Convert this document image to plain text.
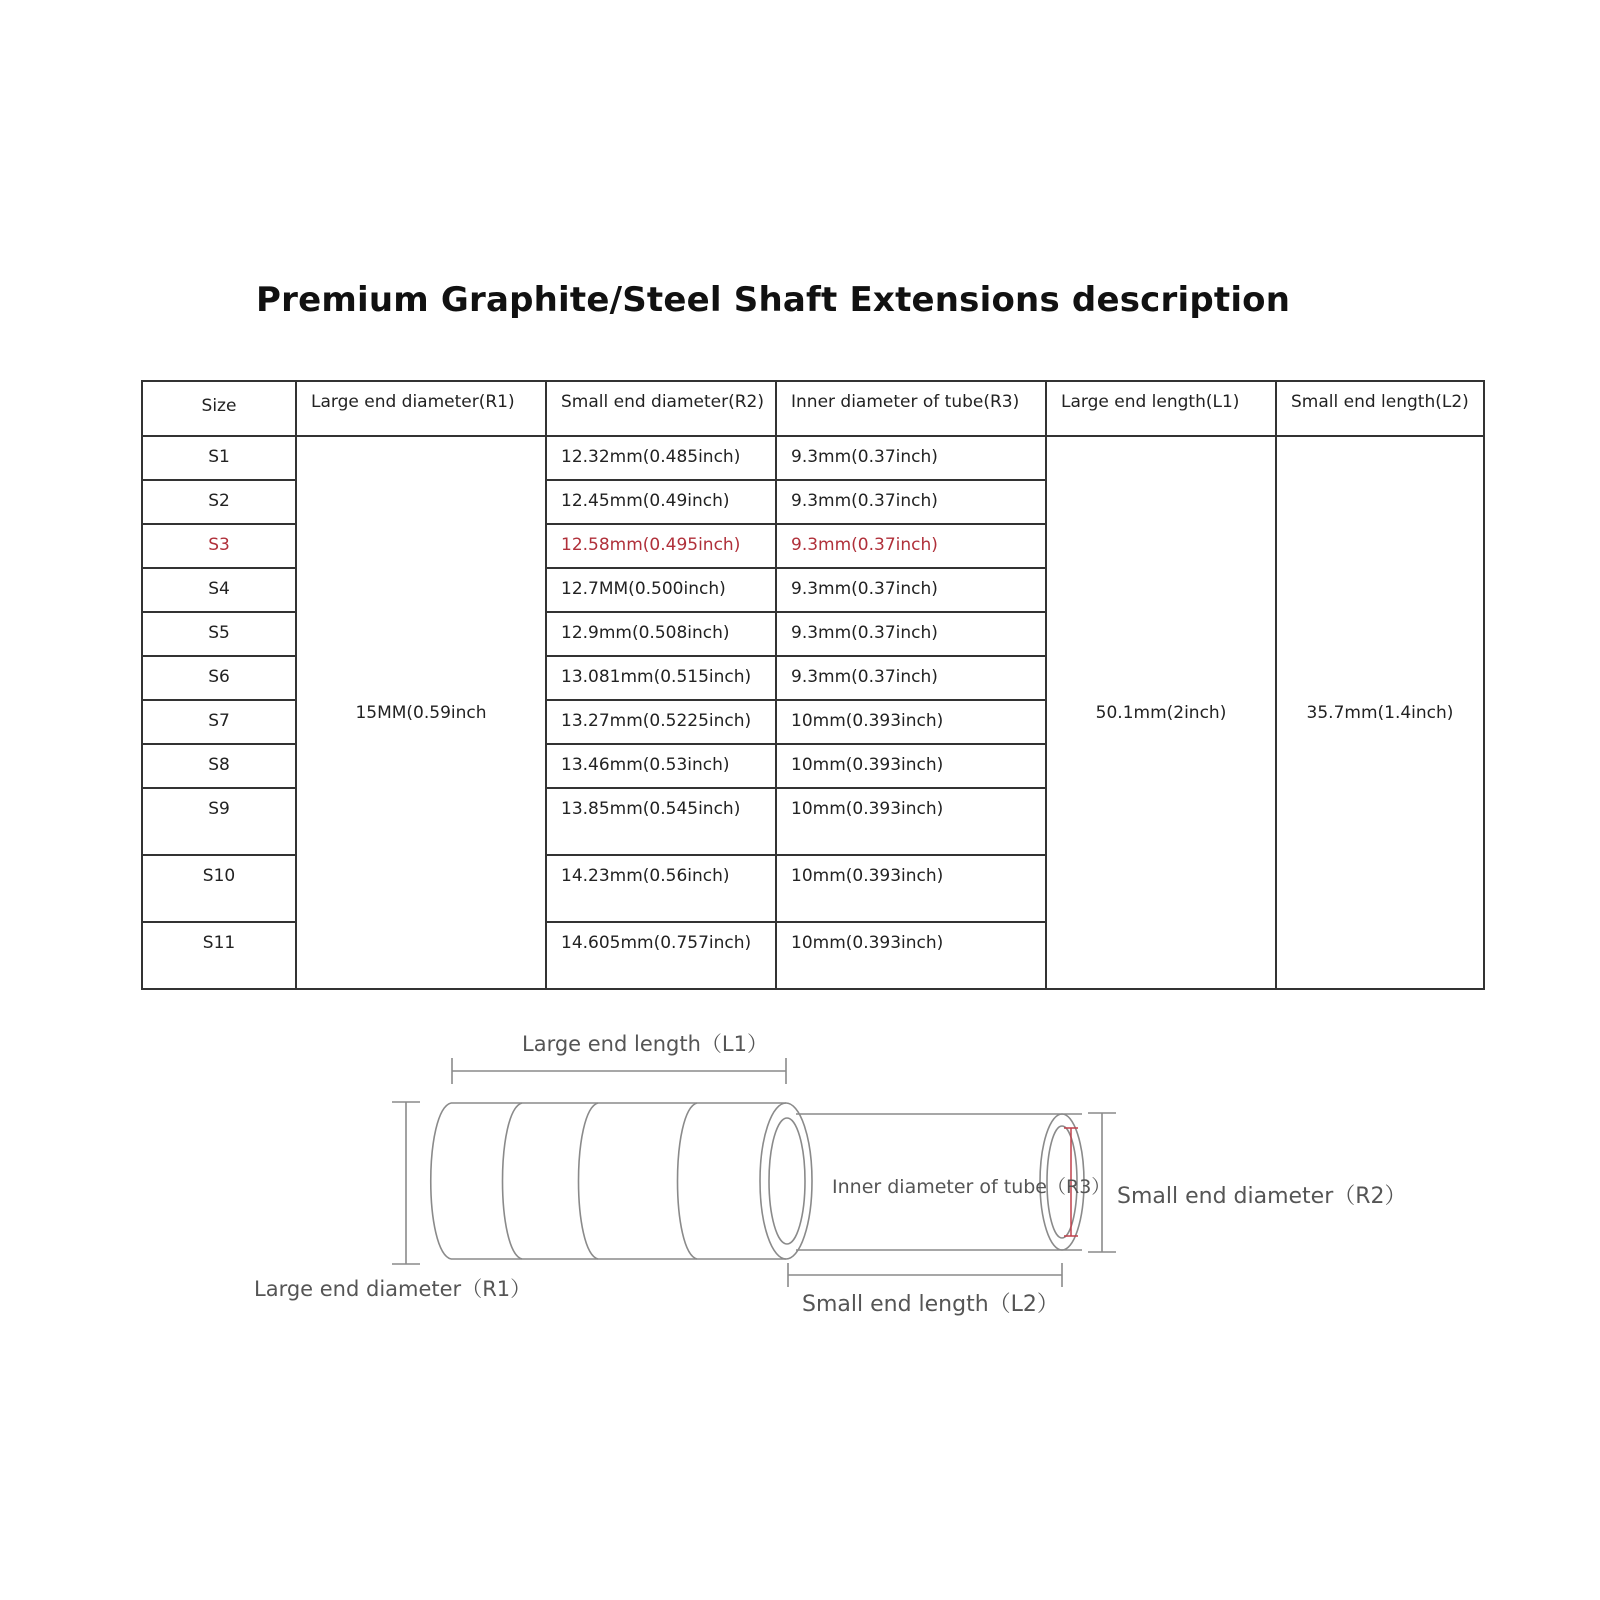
Premium Graphite/Steel Shaft Extensions description
Size	Large end diameter(R1)	Small end diameter(R2)	Inner diameter of tube(R3)	Large end length(L1)	Small end length(L2)
S1	15MM(0.59inch	12.32mm(0.485inch)	9.3mm(0.37inch)	50.1mm(2inch)	35.7mm(1.4inch)
S2		12.45mm(0.49inch)	9.3mm(0.37inch)		
S3		12.58mm(0.495inch)	9.3mm(0.37inch)		
S4		12.7MM(0.500inch)	9.3mm(0.37inch)		
S5		12.9mm(0.508inch)	9.3mm(0.37inch)		
S6		13.081mm(0.515inch)	9.3mm(0.37inch)		
S7		13.27mm(0.5225inch)	10mm(0.393inch)		
S8		13.46mm(0.53inch)	10mm(0.393inch)		
S9		13.85mm(0.545inch)	10mm(0.393inch)		
S10		14.23mm(0.56inch)	10mm(0.393inch)		
S11		14.605mm(0.757inch)	10mm(0.393inch)		
Large end length（L1）
Large end diameter（R1）
Inner diameter of tube（R3） Small end diameter（R2）
Small end length（L2）
